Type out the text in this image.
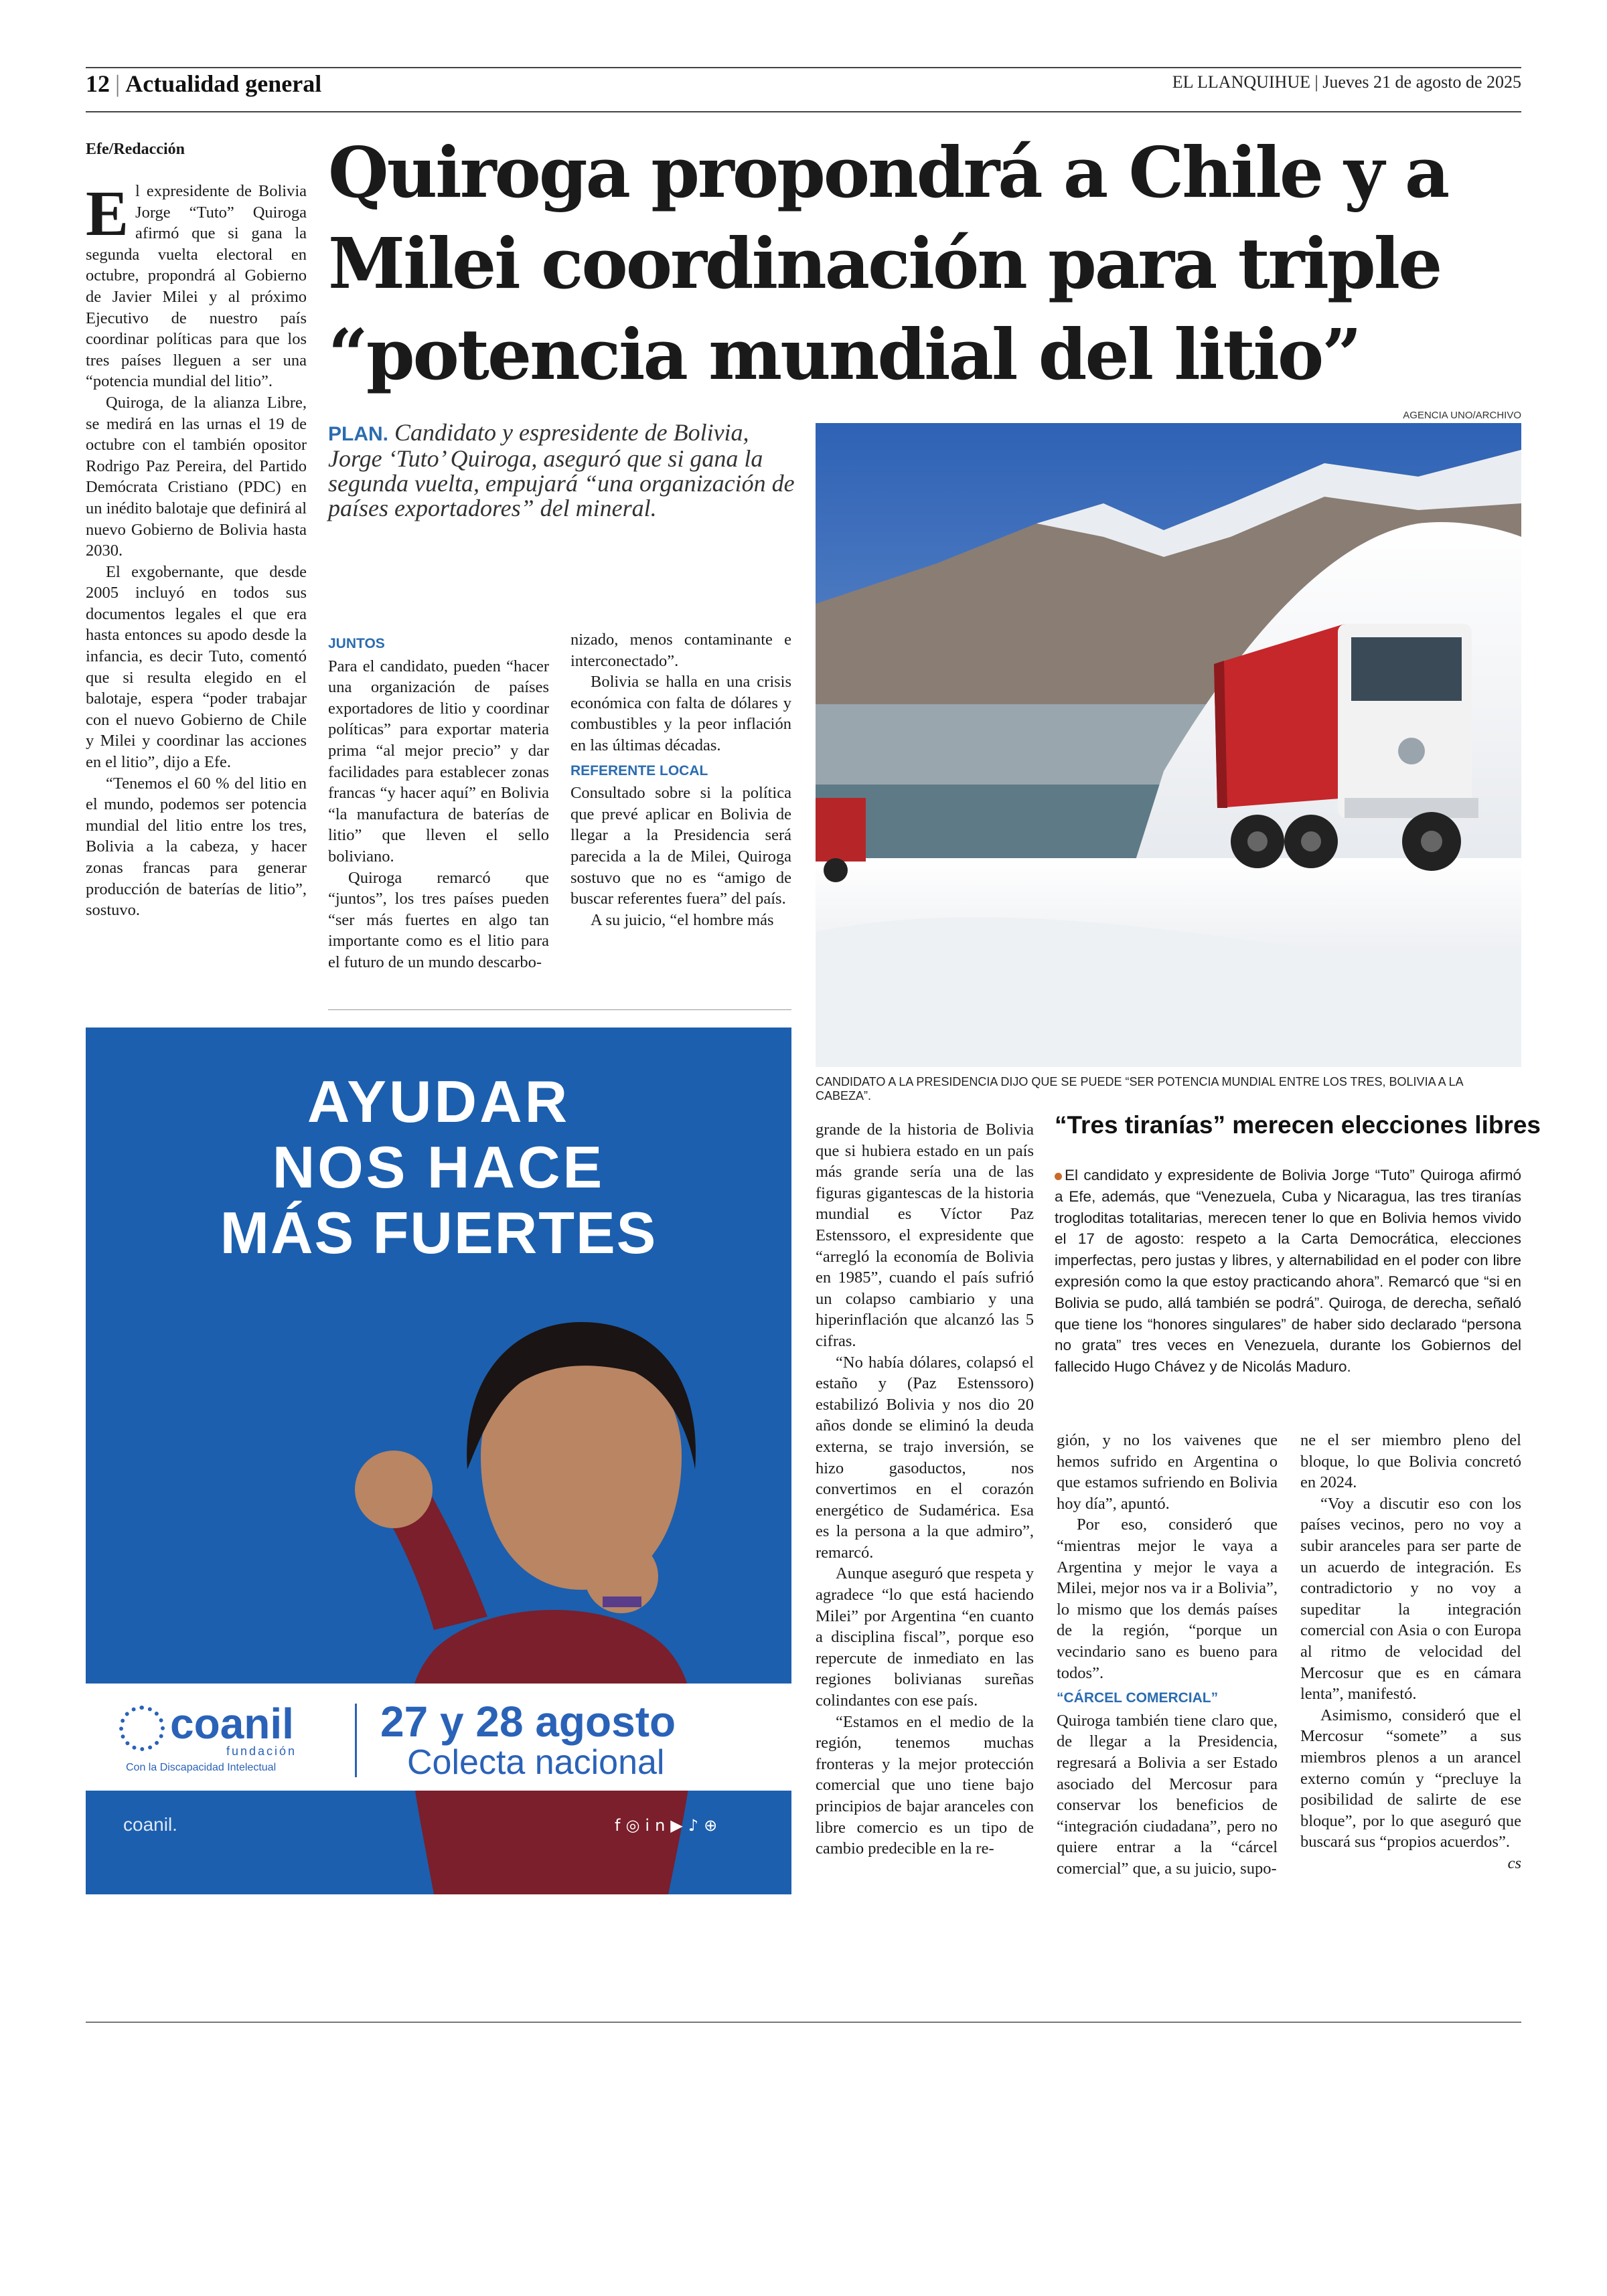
12 | Actualidad general	EL LLANQUIHUE | Jueves 21 de agosto de 2025
Efe/Redacción Quiroga propondrá a Chile y a Milei coordinación para triple “potencia mundial del litio”
AGENCIA UNO/ARCHIVO
PLAN. Candidato y espresidente de Bolivia, Jorge ‘Tuto’ Quiroga, aseguró que si gana la segunda vuelta, empujará “una organización de países exportadores” del mineral.

El expresidente de Bolivia Jorge “Tuto” Quiroga afirmó que si gana la segunda vuelta electoral en octubre, propondrá al Gobierno de Javier Milei y al próximo Ejecutivo de nuestro país coordinar políticas para que los tres países lleguen a ser una “potencia mundial del litio”.

Quiroga, de la alianza Libre, se medirá en las urnas el 19 de octubre con el también opositor Rodrigo Paz Pereira, del Partido Demócrata Cristiano (PDC) en un inédito balotaje que definirá al nuevo Gobierno de Bolivia hasta 2030.

El exgobernante, que desde 2005 incluyó en todos sus documentos legales el que era hasta entonces su apodo desde la infancia, es decir Tuto, comentó que si resulta elegido en el balotaje, espera “poder trabajar con el nuevo Gobierno de Chile y Milei y coordinar las acciones en el litio”, dijo a Efe.

“Tenemos el 60 % del litio en el mundo, podemos ser potencia mundial del litio entre los tres, Bolivia a la cabeza, y hacer zonas francas para generar producción de baterías de litio”, sostuvo.

JUNTOS

Para el candidato, pueden “hacer una organización de países exportadores de litio y coordinar políticas” para exportar materia prima “al mejor precio” y dar facilidades para establecer zonas francas “y hacer aquí” en Bolivia “la manufactura de baterías de litio” que lleven el sello boliviano.

Quiroga remarcó que “juntos”, los tres países pueden “ser más fuertes en algo tan importante como es el litio para el futuro de un mundo descarbo-

nizado, menos contaminante e interconectado”.

Bolivia se halla en una crisis económica con falta de dólares y combustibles y la peor inflación en las últimas décadas.

REFERENTE LOCAL

Consultado sobre si la política que prevé aplicar en Bolivia de llegar a la Presidencia será parecida a la de Milei, Quiroga sostuvo que no es “amigo de buscar referentes fuera” del país.

A su juicio, “el hombre más

CANDIDATO A LA PRESIDENCIA DIJO QUE SE PUEDE “SER POTENCIA MUNDIAL ENTRE LOS TRES, BOLIVIA A LA CABEZA”.
AYUDAR
NOS HACE
MÁS FUERTES
coanil
fundación
Con la Discapacidad Intelectual
27 y 28 agosto
Colecta nacional
coanil.	f◎in▶♪⊕

grande de la historia de Bolivia que si hubiera estado en un país más grande sería una de las figuras gigantescas de la historia mundial es Víctor Paz Estenssoro, el expresidente que “arregló la economía de Bolivia en 1985”, cuando el país sufrió un colapso cambiario y una hiperinflación que alcanzó las 5 cifras.

“No había dólares, colapsó el estaño y (Paz Estenssoro) estabilizó Bolivia y nos dio 20 años donde se eliminó la deuda externa, se trajo inversión, se hizo gasoductos, nos convertimos en el corazón energético de Sudamérica. Esa es la persona a la que admiro”, remarcó.

Aunque aseguró que respeta y agradece “lo que está haciendo Milei” por Argentina “en cuanto a disciplina fiscal”, porque eso repercute de inmediato en las regiones bolivianas sureñas colindantes con ese país.

“Estamos en el medio de la región, tenemos muchas fronteras y la mejor protección comercial que uno tiene bajo principios de bajar aranceles con libre comercio es un tipo de cambio predecible en la re-

“Tres tiranías” merecen elecciones libres
El candidato y expresidente de Bolivia Jorge “Tuto” Quiroga afirmó a Efe, además, que “Venezuela, Cuba y Nicaragua, las tres tiranías trogloditas totalitarias, merecen tener lo que en Bolivia hemos vivido el 17 de agosto: respeto a la Carta Democrática, elecciones imperfectas, pero justas y libres, y alternabilidad en el poder con libre expresión como la que estoy practicando ahora”. Remarcó que “si en Bolivia se pudo, allá también se podrá”. Quiroga, de derecha, señaló que tiene los “honores singulares” de haber sido declarado “persona no grata” tres veces en Venezuela, durante los Gobiernos del fallecido Hugo Chávez y de Nicolás Maduro.

gión, y no los vaivenes que hemos sufrido en Argentina o que estamos sufriendo en Bolivia hoy día”, apuntó.

Por eso, consideró que “mientras mejor le vaya a Argentina y mejor le vaya a Milei, mejor nos va ir a Bolivia”, lo mismo que los demás países de la región, “porque un vecindario sano es bueno para todos”.

“CÁRCEL COMERCIAL”

Quiroga también tiene claro que, de llegar a la Presidencia, regresará a Bolivia a ser Estado asociado del Mercosur para conservar los beneficios de “integración ciudadana”, pero no quiere entrar a la “cárcel comercial” que, a su juicio, supo-

ne el ser miembro pleno del bloque, lo que Bolivia concretó en 2024.

“Voy a discutir eso con los países vecinos, pero no voy a subir aranceles para ser parte de un acuerdo de integración. Es contradictorio y no voy a supeditar la integración comercial con Asia o con Europa al ritmo de velocidad del Mercosur que es en cámara lenta”, manifestó.

Asimismo, consideró que el Mercosur “somete” a sus miembros plenos a un arancel externo común y “precluye la posibilidad de salirte de ese bloque”, por lo que aseguró que buscará sus “propios acuerdos”.

cs
